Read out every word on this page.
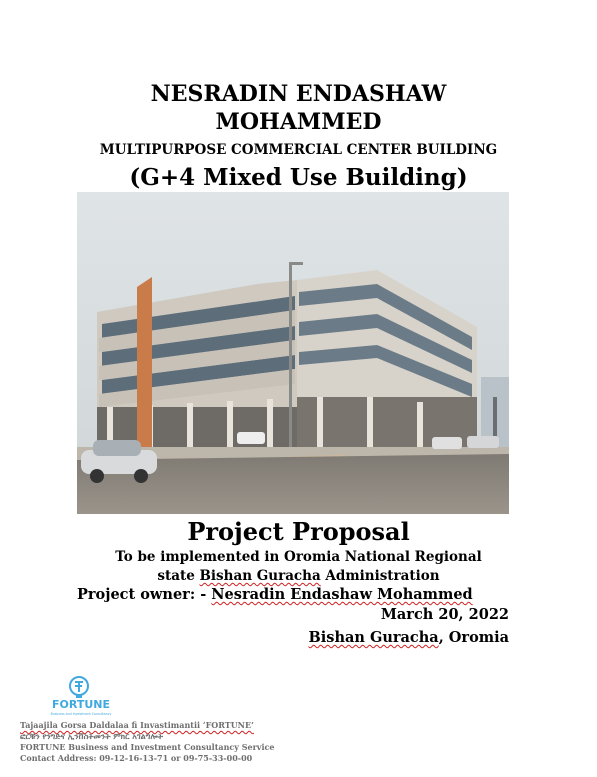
NESRADIN ENDASHAW
MOHAMMED
MULTIPURPOSE COMMERCIAL CENTER BUILDING
(G+4 Mixed Use Building)
Project Proposal
To be implemented in Oromia National Regional
state Bishan Guracha Administration
Project owner: - Nesradin Endashaw Mohammed
March 20, 2022
Bishan Guracha, Oromia
FORTUNE
Business and Investment Consultancy
Tajaajila Gorsa Daldalaa fi Invastimantii ‘FORTUNE’
ፎርቹን የንግድና ኢንቨስትመንት ምክር አገልግሎት
FORTUNE Business and Investment Consultancy Service
Contact Address: 09-12-16-13-71 or 09-75-33-00-00
